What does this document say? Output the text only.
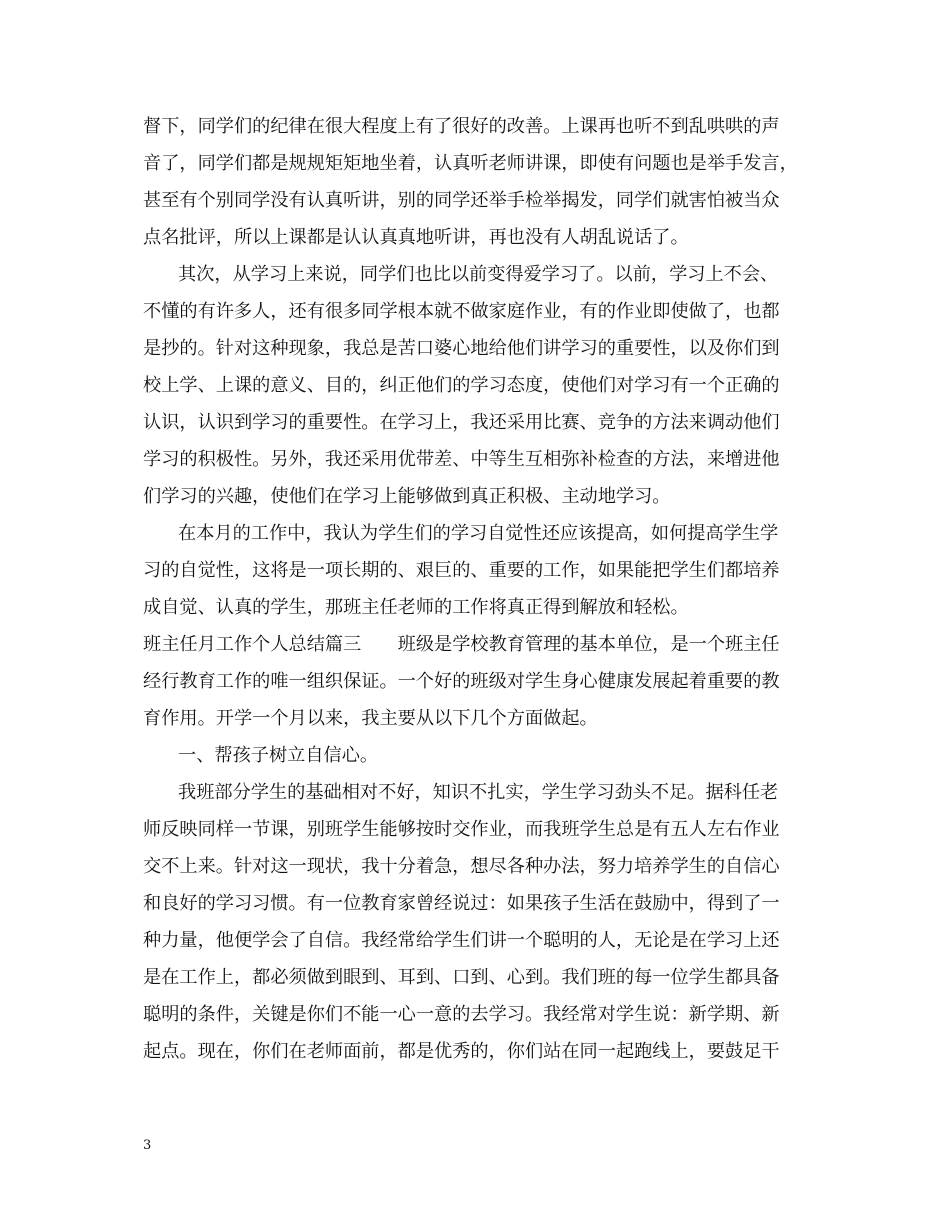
督下，同学们的纪律在很大程度上有了很好的改善。上课再也听不到乱哄哄的声
音了，同学们都是规规矩矩地坐着，认真听老师讲课，即使有问题也是举手发言，
甚至有个别同学没有认真听讲，别的同学还举手检举揭发，同学们就害怕被当众
点名批评，所以上课都是认认真真地听讲，再也没有人胡乱说话了。
其次，从学习上来说，同学们也比以前变得爱学习了。以前，学习上不会、
不懂的有许多人，还有很多同学根本就不做家庭作业，有的作业即使做了，也都
是抄的。针对这种现象，我总是苦口婆心地给他们讲学习的重要性，以及你们到
校上学、上课的意义、目的，纠正他们的学习态度，使他们对学习有一个正确的
认识，认识到学习的重要性。在学习上，我还采用比赛、竞争的方法来调动他们
学习的积极性。另外，我还采用优带差、中等生互相弥补检查的方法，来增进他
们学习的兴趣，使他们在学习上能够做到真正积极、主动地学习。
在本月的工作中，我认为学生们的学习自觉性还应该提高，如何提高学生学
习的自觉性，这将是一项长期的、艰巨的、重要的工作，如果能把学生们都培养
成自觉、认真的学生，那班主任老师的工作将真正得到解放和轻松。
班主任月工作个人总结篇三　　班级是学校教育管理的基本单位，是一个班主任
经行教育工作的唯一组织保证。一个好的班级对学生身心健康发展起着重要的教
育作用。开学一个月以来，我主要从以下几个方面做起。
一、帮孩子树立自信心。
我班部分学生的基础相对不好，知识不扎实，学生学习劲头不足。据科任老
师反映同样一节课，别班学生能够按时交作业，而我班学生总是有五人左右作业
交不上来。针对这一现状，我十分着急，想尽各种办法，努力培养学生的自信心
和良好的学习习惯。有一位教育家曾经说过：如果孩子生活在鼓励中，得到了一
种力量，他便学会了自信。我经常给学生们讲一个聪明的人，无论是在学习上还
是在工作上，都必须做到眼到、耳到、口到、心到。我们班的每一位学生都具备
聪明的条件，关键是你们不能一心一意的去学习。我经常对学生说：新学期、新
起点。现在，你们在老师面前，都是优秀的，你们站在同一起跑线上，要鼓足干
3
